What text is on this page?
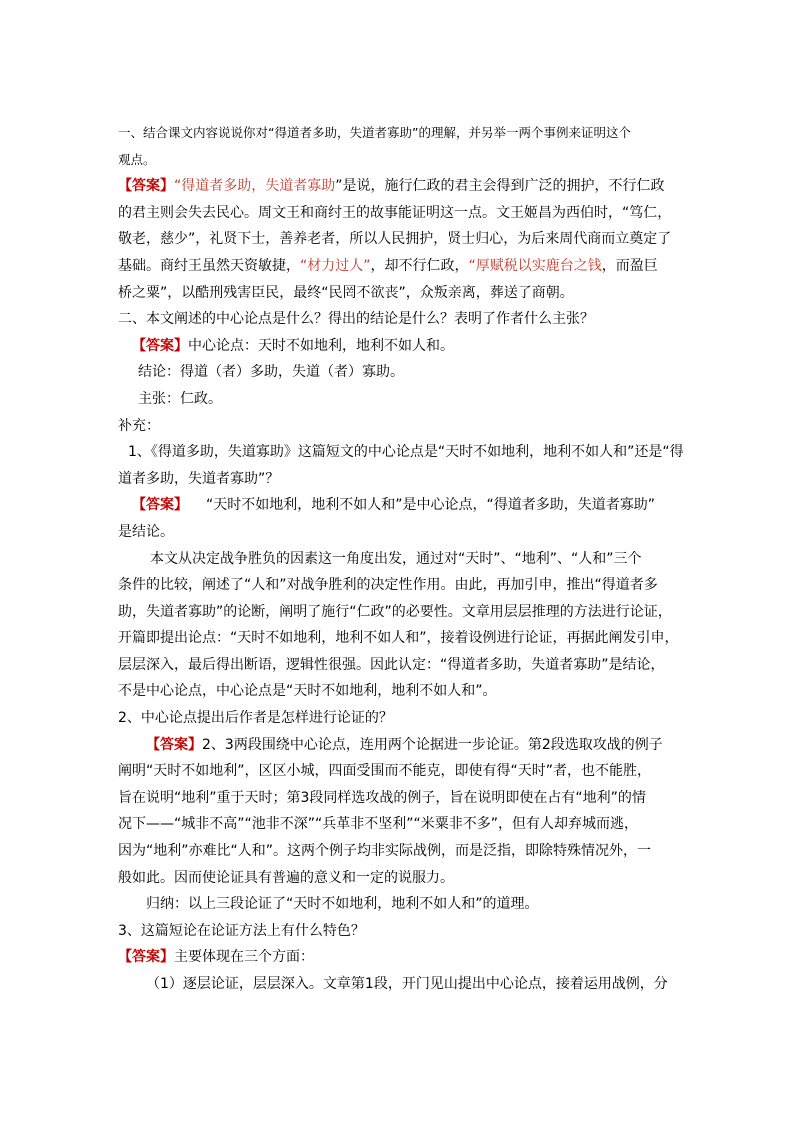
一、结合课文内容说说你对“得道者多助，失道者寡助”的理解，并另举一两个事例来证明这个
观点。
【答案】“得道者多助，失道者寡助”是说，施行仁政的君主会得到广泛的拥护，不行仁政
的君主则会失去民心。周文王和商纣王的故事能证明这一点。文王姬昌为西伯时，“笃仁，
敬老，慈少”，礼贤下士，善养老者，所以人民拥护，贤士归心，为后来周代商而立奠定了
基础。商纣王虽然天资敏捷，“材力过人”，却不行仁政，“厚赋税以实鹿台之钱，而盈巨
桥之粟”，以酷刑残害臣民，最终“民罔不欲丧”，众叛亲离，葬送了商朝。
二、本文阐述的中心论点是什么？得出的结论是什么？表明了作者什么主张？
【答案】中心论点：天时不如地利，地利不如人和。
结论：得道（者）多助，失道（者）寡助。
主张：仁政。
补充：
1、《得道多助，失道寡助》这篇短文的中心论点是“天时不如地利，地利不如人和”还是“得
道者多助，失道者寡助”？
【答案】 “天时不如地利，地利不如人和”是中心论点，“得道者多助，失道者寡助”
是结论。
本文从决定战争胜负的因素这一角度出发，通过对“天时”、“地利”、“人和”三个
条件的比较，阐述了“人和”对战争胜利的决定性作用。由此，再加引申，推出“得道者多
助，失道者寡助”的论断，阐明了施行“仁政”的必要性。文章用层层推理的方法进行论证，
开篇即提出论点：“天时不如地利，地利不如人和”，接着设例进行论证，再据此阐发引申，
层层深入，最后得出断语，逻辑性很强。因此认定：“得道者多助，失道者寡助”是结论，
不是中心论点，中心论点是“天时不如地利，地利不如人和”。
2、中心论点提出后作者是怎样进行论证的？
【答案】2、3两段围绕中心论点，连用两个论据进一步论证。第2段选取攻战的例子
阐明“天时不如地利”，区区小城，四面受围而不能克，即使有得“天时”者，也不能胜，
旨在说明“地利”重于天时；第3段同样选攻战的例子，旨在说明即使在占有“地利”的情
况下——“城非不高”“池非不深”“兵革非不坚利”“米粟非不多”，但有人却弃城而逃，
因为“地利”亦难比“人和”。这两个例子均非实际战例，而是泛指，即除特殊情况外，一
般如此。因而使论证具有普遍的意义和一定的说服力。
归纳：以上三段论证了“天时不如地利，地利不如人和”的道理。
3、这篇短论在论证方法上有什么特色？
【答案】主要体现在三个方面：
（1）逐层论证，层层深入。文章第1段，开门见山提出中心论点，接着运用战例，分
